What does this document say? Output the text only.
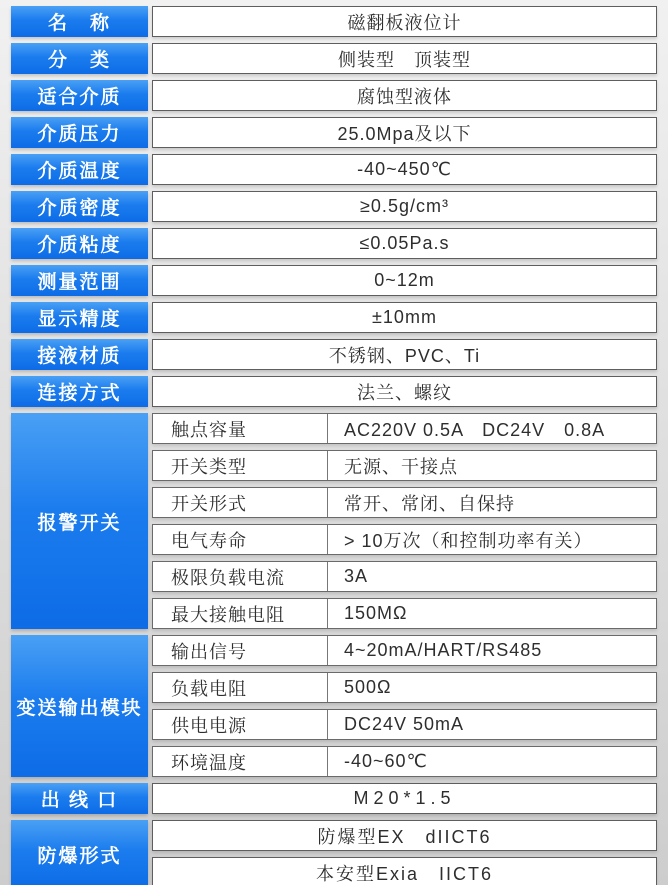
名　称	磁翻板液位计
分　类	侧装型　顶装型
适合介质	腐蚀型液体
介质压力	25.0Mpa及以下
介质温度	-40~450℃
介质密度	≥0.5g/cm³
介质粘度	≤0.05Pa.s
测量范围	0~12m
显示精度	±10mm
接液材质	不锈钢、PVC、Ti
连接方式	法兰、螺纹
报警开关
触点容量	AC220V 0.5A　DC24V　0.8A
开关类型	无源、干接点
开关形式	常开、常闭、自保持
电气寿命	> 10万次（和控制功率有关）
极限负载电流	3A
最大接触电阻	150MΩ
变送输出模块
输出信号	4~20mA/HART/RS485
负载电阻	500Ω
供电电源	DC24V 50mA
环境温度	-40~60℃
出 线 口	M20*1.5
防爆形式
防爆型EX　dIICT6
本安型Exia　IICT6
